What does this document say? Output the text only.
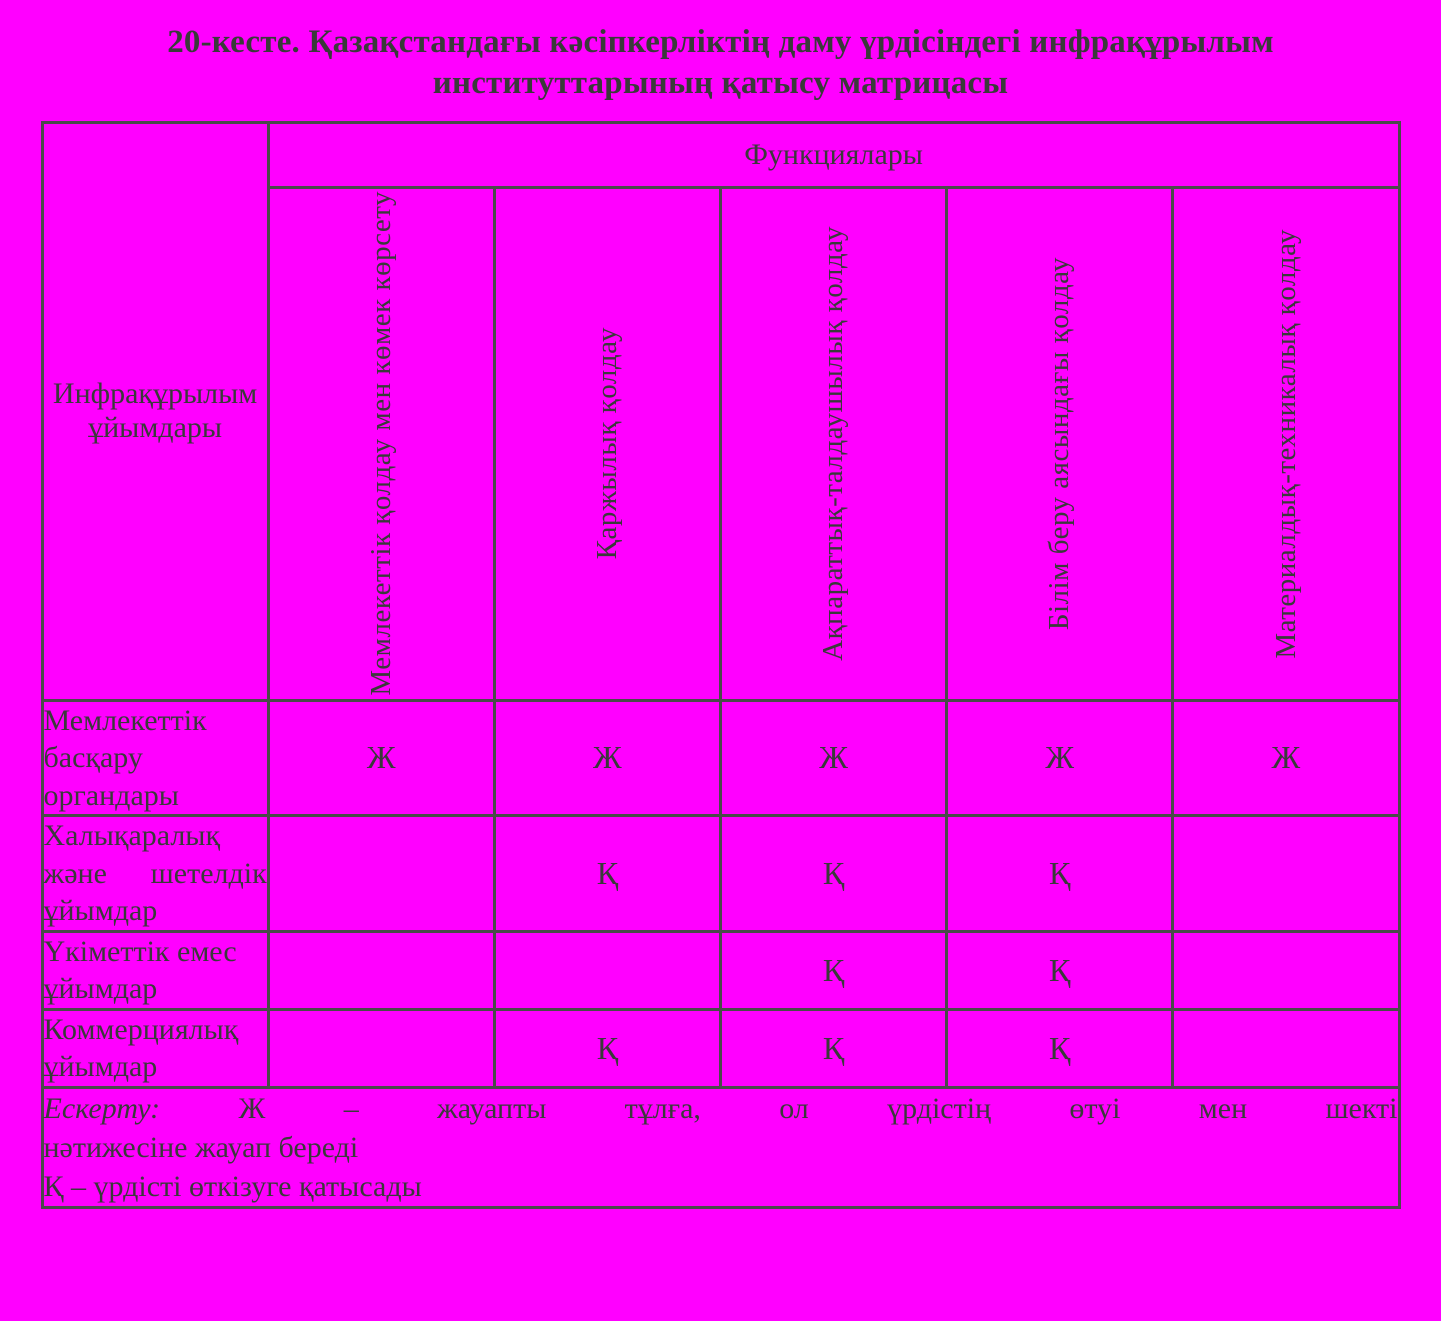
20-кесте. Қазақстандағы кәсіпкерліктің даму үрдісіндегі инфрақұрылым институттарының қатысу матрицасы
Инфрақұрылым ұйымдары	Функциялары				

	Мемлекеттік қолдау мен көмек көрсету	Қаржылық қолдау	Ақпараттық-талдаушылық қолдау	Білім беру аясындағы қолдау	Материалдық-техникалық қолдау

Мемлекеттік басқару органдары	Ж	Ж	Ж	Ж	Ж
Халықаралық және шетелдік ұйымдар		Қ	Қ	Қ	
Үкіметтік емес ұйымдар			Қ	Қ	
Коммерциялық ұйымдар		Қ	Қ	Қ	

Ескерту: Ж – жауапты тұлға, ол үрдістің өтуі мен шекті
нәтижесіне жауап береді
Қ – үрдісті өткізуге қатысады					
